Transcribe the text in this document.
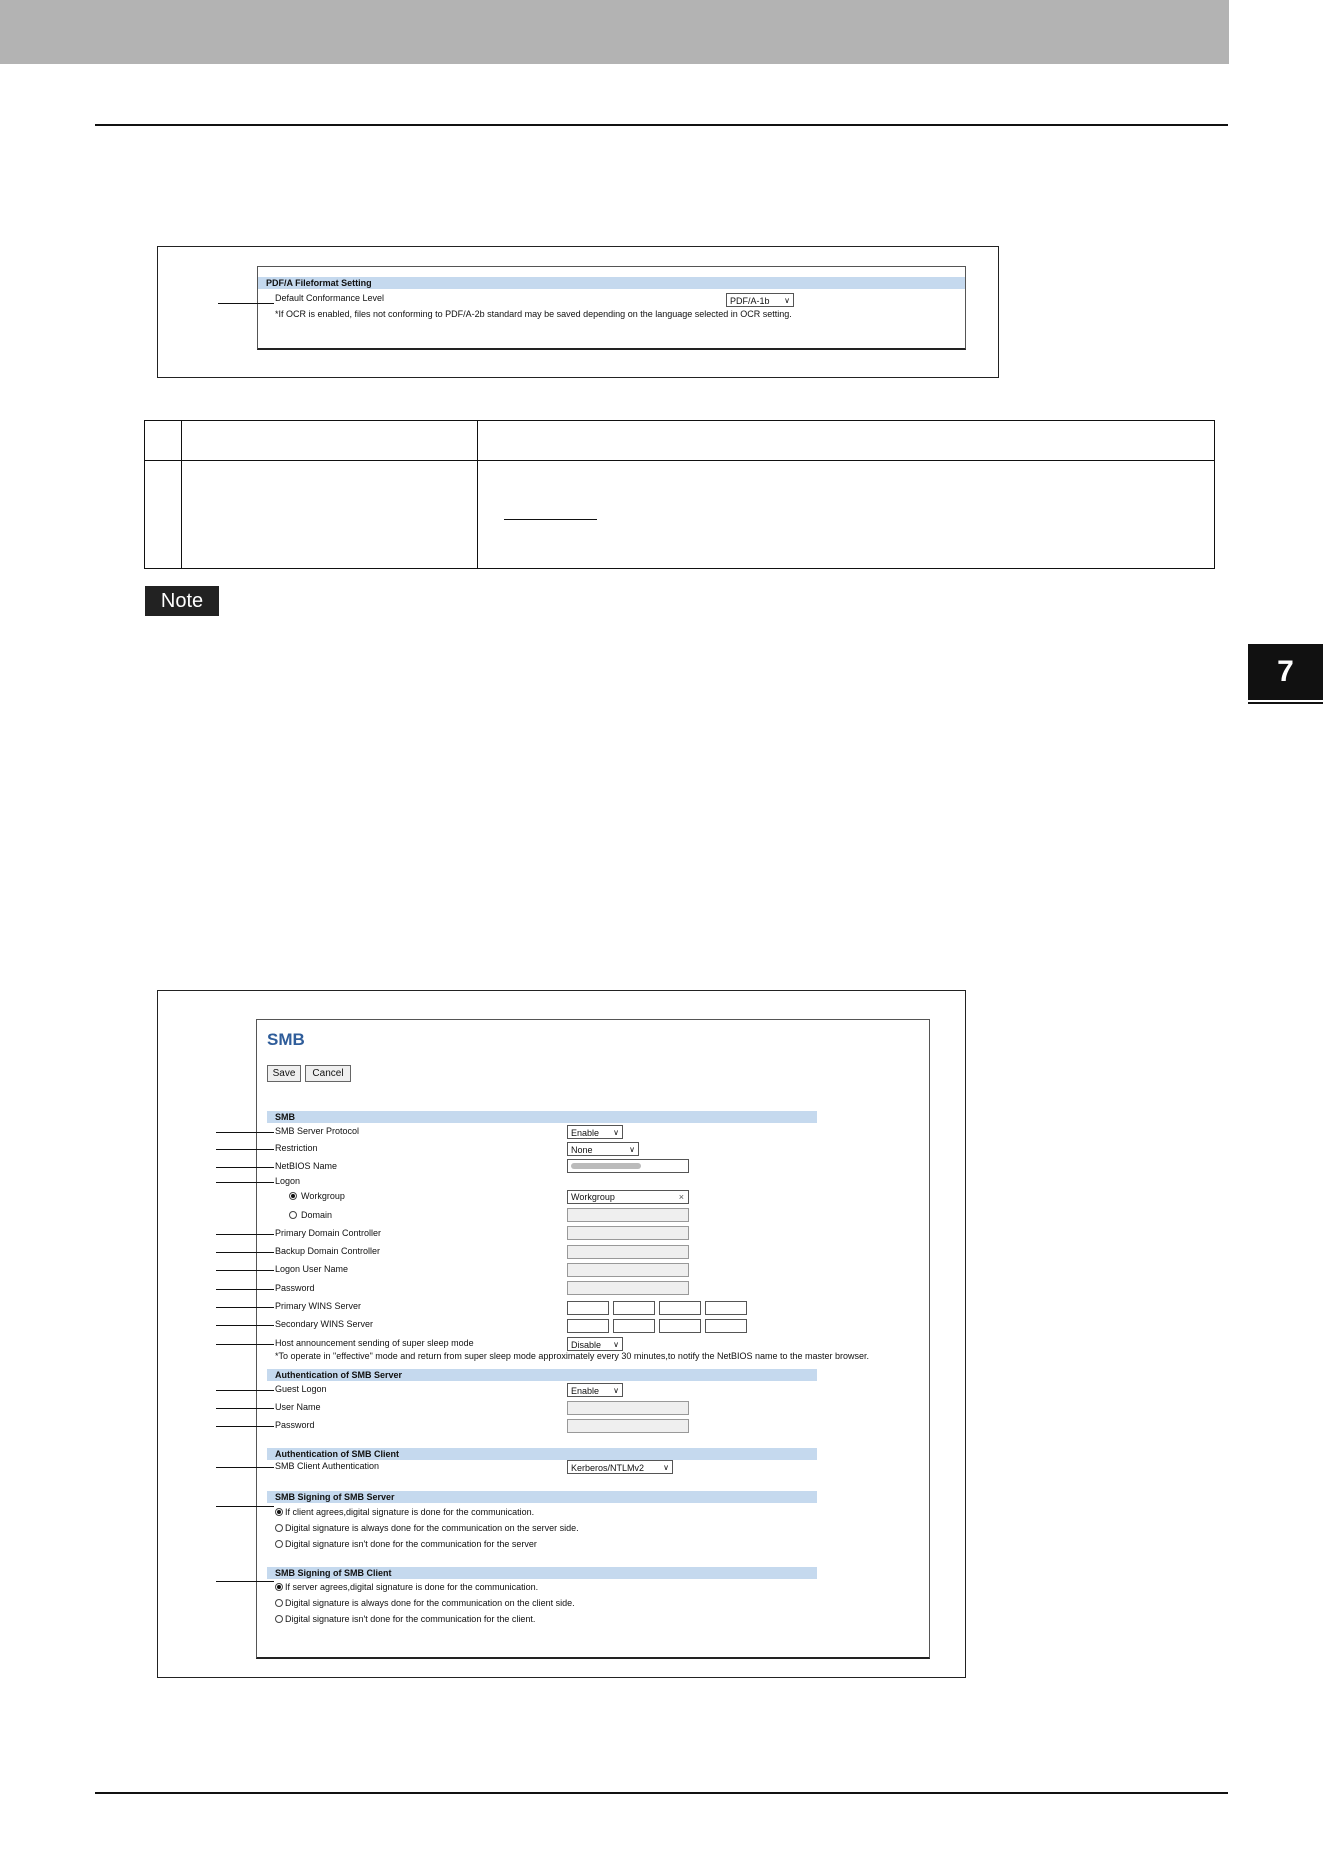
7
PDF/A Fileformat Setting
Default Conformance Level	PDF/A-1b ∨
*If OCR is enabled, files not conforming to PDF/A-2b standard may be saved depending on the language selected in OCR setting.

Note
SMB
Save	Cancel
SMB
SMB Server Protocol	Enable ∨
Restriction	None	∨
NetBIOS Name
Logon
Workgroup	Workgroup	×
Domain
Primary Domain Controller
Backup Domain Controller
Logon User Name
Password
Primary WINS Server
Secondary WINS Server
Host announcement sending of super sleep mode	Disable ∨
*To operate in "effective" mode and return from super sleep mode approximately every 30 minutes,to notify the NetBIOS name to the master browser.
Authentication of SMB Server
Guest Logon	Enable ∨
User Name
Password
Authentication of SMB Client
SMB Client Authentication	Kerberos/NTLMv2 ∨
SMB Signing of SMB Server
If client agrees,digital signature is done for the communication.
Digital signature is always done for the communication on the server side.
Digital signature isn't done for the communication for the server
SMB Signing of SMB Client
If server agrees,digital signature is done for the communication.
Digital signature is always done for the communication on the client side.
Digital signature isn't done for the communication for the client.
